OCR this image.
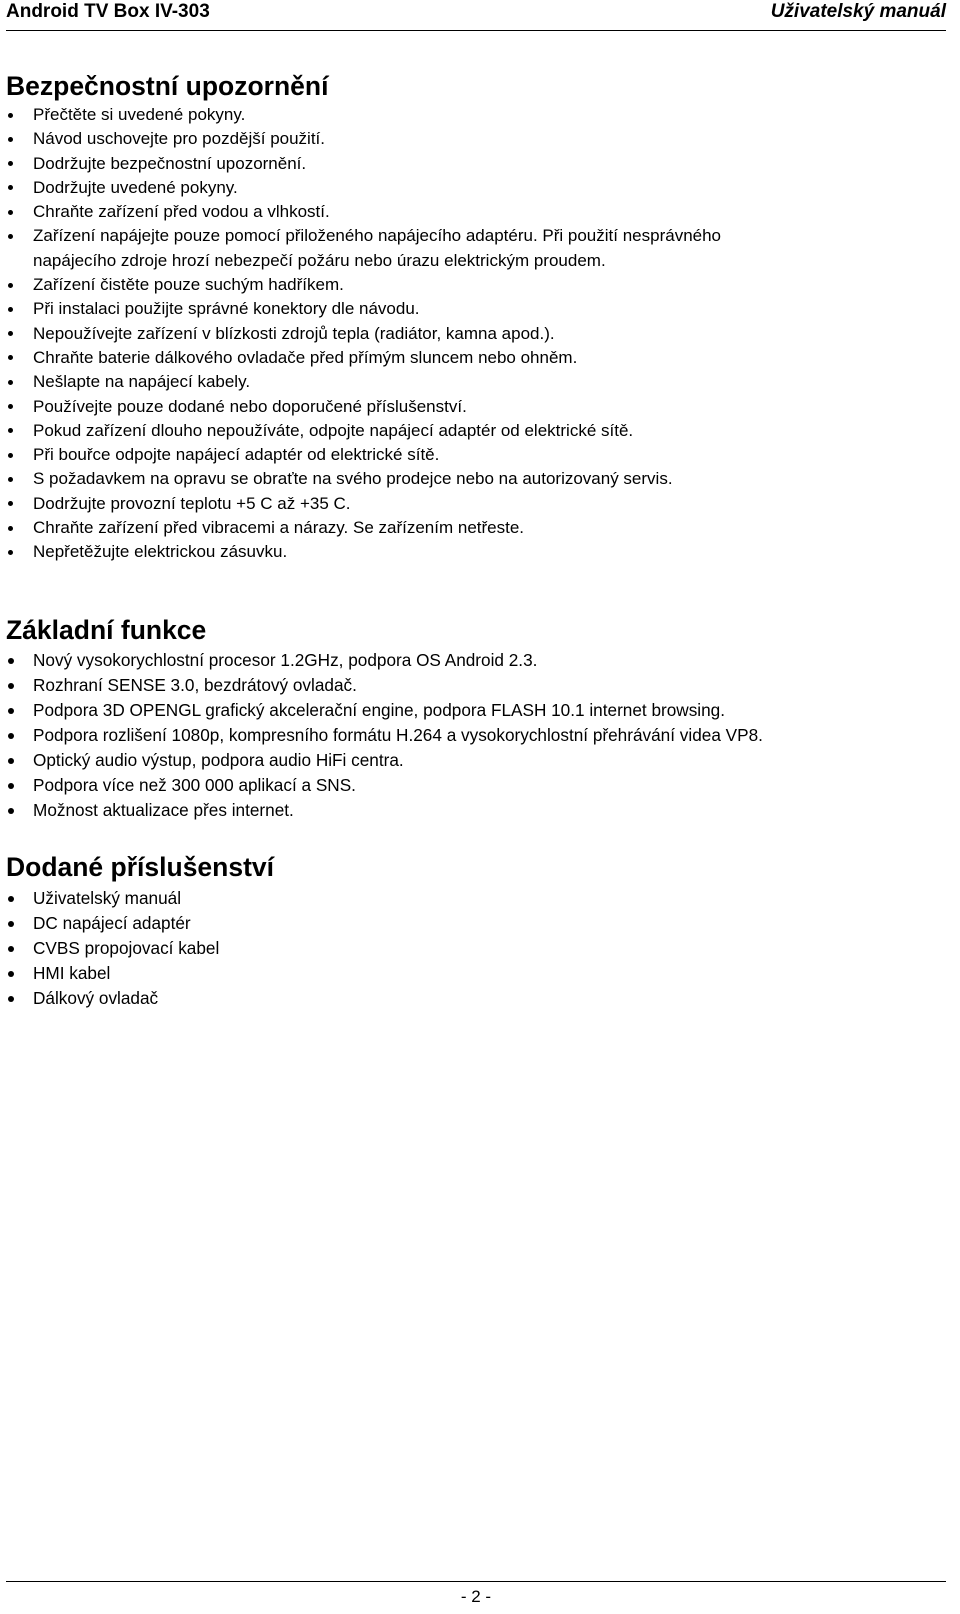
Android TV Box IV-303	Uživatelský manuál
Bezpečnostní upozornění
Přečtěte si uvedené pokyny.
Návod uschovejte pro pozdější použití.
Dodržujte bezpečnostní upozornění.
Dodržujte uvedené pokyny.
Chraňte zařízení před vodou a vlhkostí.
Zařízení napájejte pouze pomocí přiloženého napájecího adaptéru. Při použití nesprávného
napájecího zdroje hrozí nebezpečí požáru nebo úrazu elektrickým proudem.
Zařízení čistěte pouze suchým hadříkem.
Při instalaci použijte správné konektory dle návodu.
Nepoužívejte zařízení v blízkosti zdrojů tepla (radiátor, kamna apod.).
Chraňte baterie dálkového ovladače před přímým sluncem nebo ohněm.
Nešlapte na napájecí kabely.
Používejte pouze dodané nebo doporučené příslušenství.
Pokud zařízení dlouho nepoužíváte, odpojte napájecí adaptér od elektrické sítě.
Při bouřce odpojte napájecí adaptér od elektrické sítě.
S požadavkem na opravu se obraťte na svého prodejce nebo na autorizovaný servis.
Dodržujte provozní teplotu +5 C až +35 C.
Chraňte zařízení před vibracemi a nárazy. Se zařízením netřeste.
Nepřetěžujte elektrickou zásuvku.
Základní funkce
Nový vysokorychlostní procesor 1.2GHz, podpora OS Android 2.3.
Rozhraní SENSE 3.0, bezdrátový ovladač.
Podpora 3D OPENGL grafický akcelerační engine, podpora FLASH 10.1 internet browsing.
Podpora rozlišení 1080p, kompresního formátu H.264 a vysokorychlostní přehrávání videa VP8.
Optický audio výstup, podpora audio HiFi centra.
Podpora více než 300 000 aplikací a SNS.
Možnost aktualizace přes internet.
Dodané příslušenství
Uživatelský manuál
DC napájecí adaptér
CVBS propojovací kabel
HMI kabel
Dálkový ovladač
- 2 -
